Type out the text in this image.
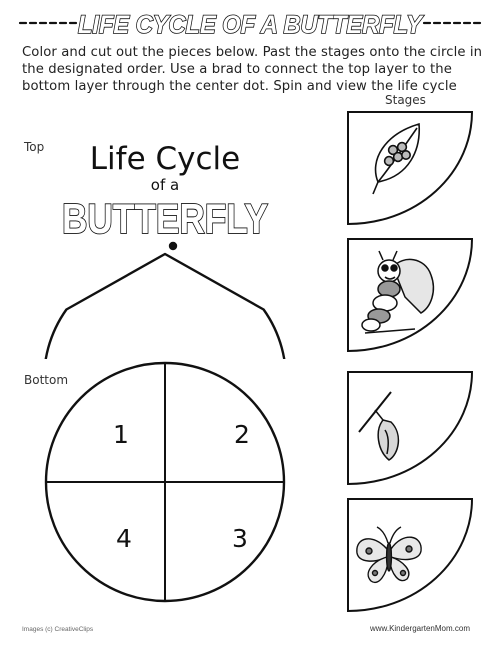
LIFE CYCLE OF A BUTTERFLY

Color and cut out the pieces below. Past the stages onto the circle in the designated order. Use a brad to connect the top layer to the bottom layer through the center dot. Spin and view the life cycle

Top
Bottom
Stages
Life Cycle
of a
BUTTERFLY
1	2
4	3
Images (c) CreativeClips	www.KindergartenMom.com
